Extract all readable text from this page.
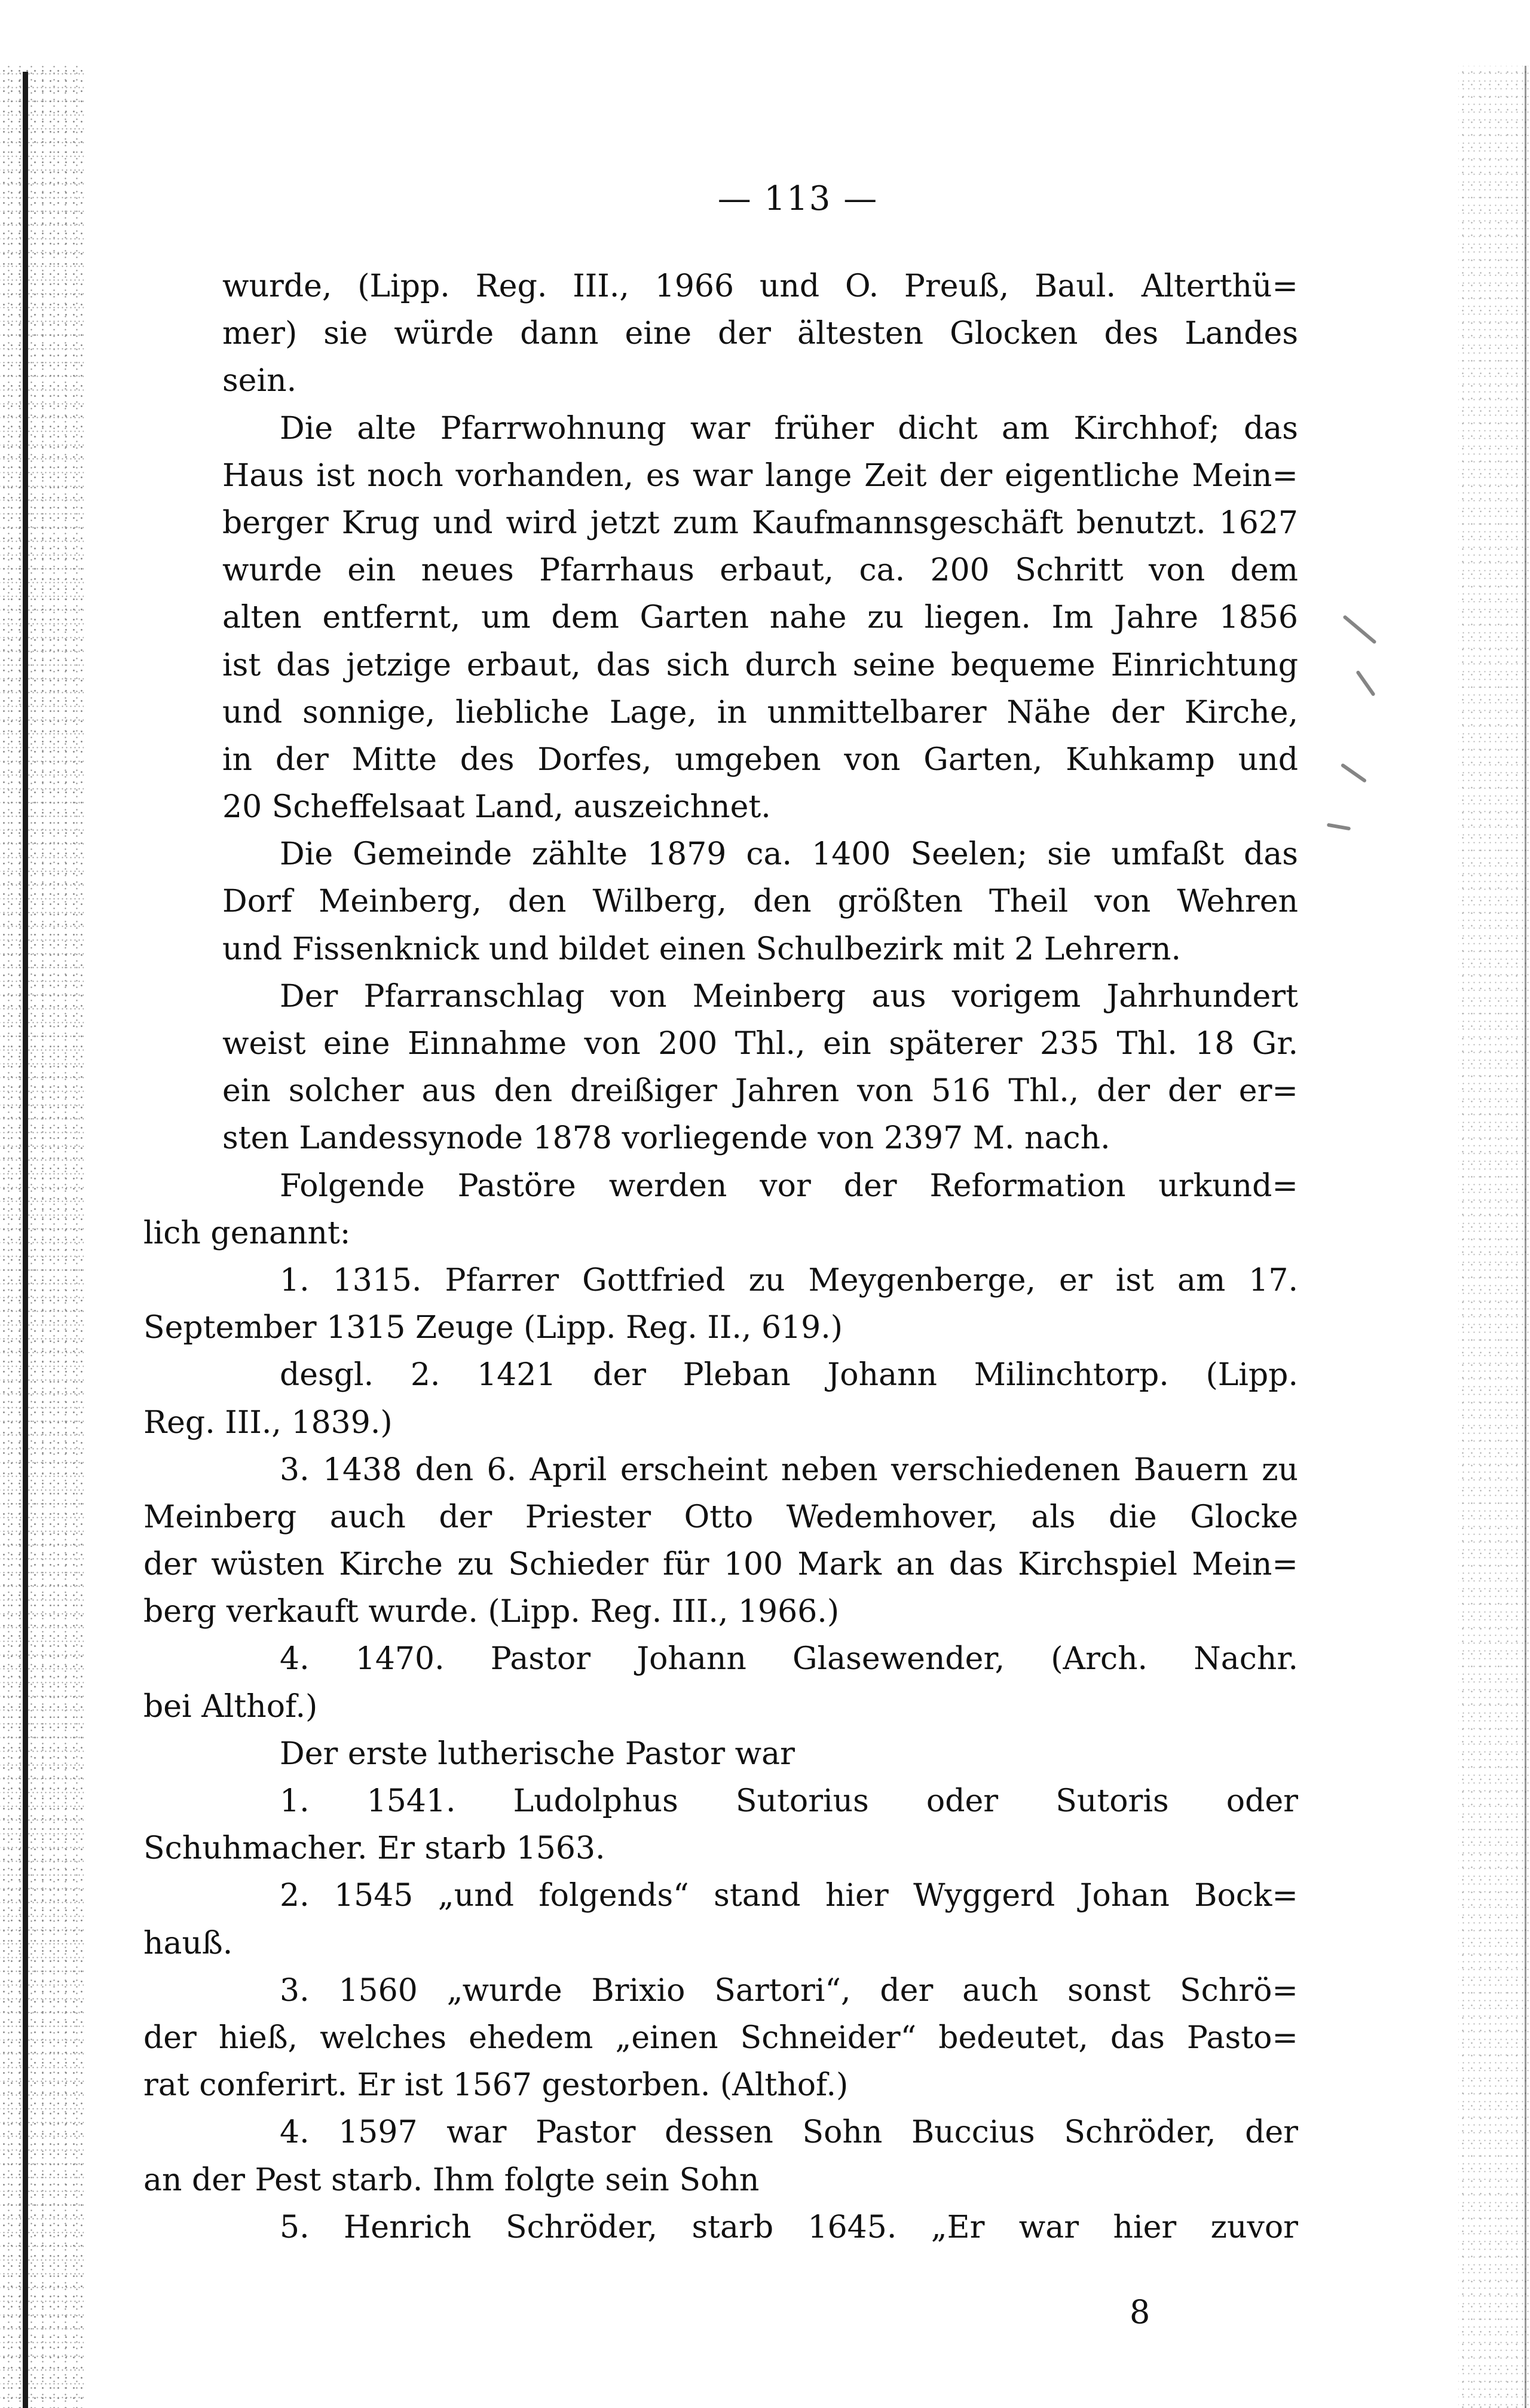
— 113 —
wurde, (Lipp. Reg. III., 1966 und O. Preuß, Baul. Alterthü=
mer) sie würde dann eine der ältesten Glocken des Landes
sein.
Die alte Pfarrwohnung war früher dicht am Kirchhof; das
Haus ist noch vorhanden, es war lange Zeit der eigentliche Mein=
berger Krug und wird jetzt zum Kaufmannsgeschäft benutzt. 1627
wurde ein neues Pfarrhaus erbaut, ca. 200 Schritt von dem
alten entfernt, um dem Garten nahe zu liegen. Im Jahre 1856
ist das jetzige erbaut, das sich durch seine bequeme Einrichtung
und sonnige, liebliche Lage, in unmittelbarer Nähe der Kirche,
in der Mitte des Dorfes, umgeben von Garten, Kuhkamp und
20 Scheffelsaat Land, auszeichnet.
Die Gemeinde zählte 1879 ca. 1400 Seelen; sie umfaßt das
Dorf Meinberg, den Wilberg, den größten Theil von Wehren
und Fissenknick und bildet einen Schulbezirk mit 2 Lehrern.
Der Pfarranschlag von Meinberg aus vorigem Jahrhundert
weist eine Einnahme von 200 Thl., ein späterer 235 Thl. 18 Gr.
ein solcher aus den dreißiger Jahren von 516 Thl., der der er=
sten Landessynode 1878 vorliegende von 2397 M. nach.
Folgende Pastöre werden vor der Reformation urkund=
lich genannt:
1. 1315. Pfarrer Gottfried zu Meygenberge, er ist am 17.
September 1315 Zeuge (Lipp. Reg. II., 619.)
desgl. 2. 1421 der Pleban Johann Milinchtorp. (Lipp.
Reg. III., 1839.)
3. 1438 den 6. April erscheint neben verschiedenen Bauern zu
Meinberg auch der Priester Otto Wedemhover, als die Glocke
der wüsten Kirche zu Schieder für 100 Mark an das Kirchspiel Mein=
berg verkauft wurde. (Lipp. Reg. III., 1966.)
4. 1470. Pastor Johann Glasewender, (Arch. Nachr.
bei Althof.)
Der erste lutherische Pastor war
1. 1541. Ludolphus Sutorius oder Sutoris oder
Schuhmacher. Er starb 1563.
2. 1545 „und folgends“ stand hier Wyggerd Johan Bock=
hauß.
3. 1560 „wurde Brixio Sartori“, der auch sonst Schrö=
der hieß, welches ehedem „einen Schneider“ bedeutet, das Pasto=
rat conferirt. Er ist 1567 gestorben. (Althof.)
4. 1597 war Pastor dessen Sohn Buccius Schröder, der
an der Pest starb. Ihm folgte sein Sohn
5. Henrich Schröder, starb 1645. „Er war hier zuvor
8
